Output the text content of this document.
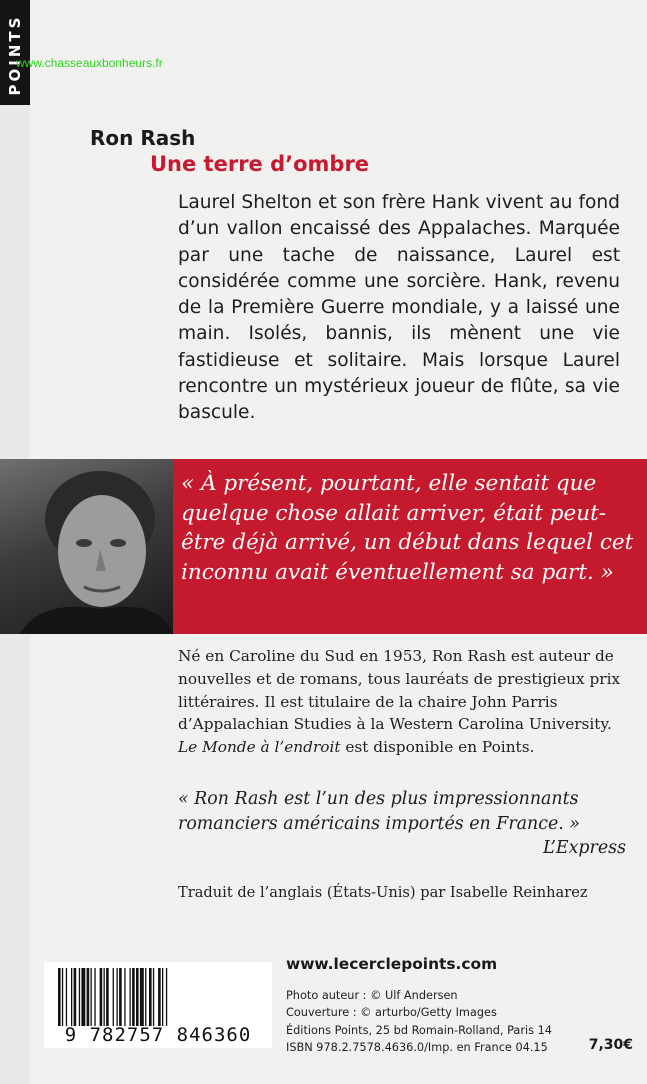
POINTS
www.chasseauxbonheurs.fr
Ron Rash
Une terre d’ombre

Laurel Shelton et son frère Hank vivent au fond d’un vallon encaissé des Appalaches. Marquée par une tache de naissance, Laurel est considérée comme une sorcière. Hank, revenu de la Première Guerre mondiale, y a laissé une main. Isolés, bannis, ils mènent une vie fastidieuse et solitaire. Mais lorsque Laurel rencontre un mystérieux joueur de flûte, sa vie bascule.

« À présent, pourtant, elle sentait que quelque chose allait arriver, était peut-être déjà arrivé, un début dans lequel cet inconnu avait éventuellement sa part. »

Né en Caroline du Sud en 1953, Ron Rash est auteur de nouvelles et de romans, tous lauréats de prestigieux prix littéraires. Il est titulaire de la chaire John Parris d’Appalachian Studies à la Western Carolina University.
Le Monde à l’endroit est disponible en Points.

« Ron Rash est l’un des plus impressionnants romanciers américains importés en France. »

L’Express
Traduit de l’anglais (États-Unis) par Isabelle Reinharez
9 782757 846360
www.lecerclepoints.com
Photo auteur : © Ulf Andersen
Couverture : © arturbo/Getty Images
Éditions Points, 25 bd Romain-Rolland, Paris 14
ISBN 978.2.7578.4636.0/Imp. en France 04.15	7,30€
